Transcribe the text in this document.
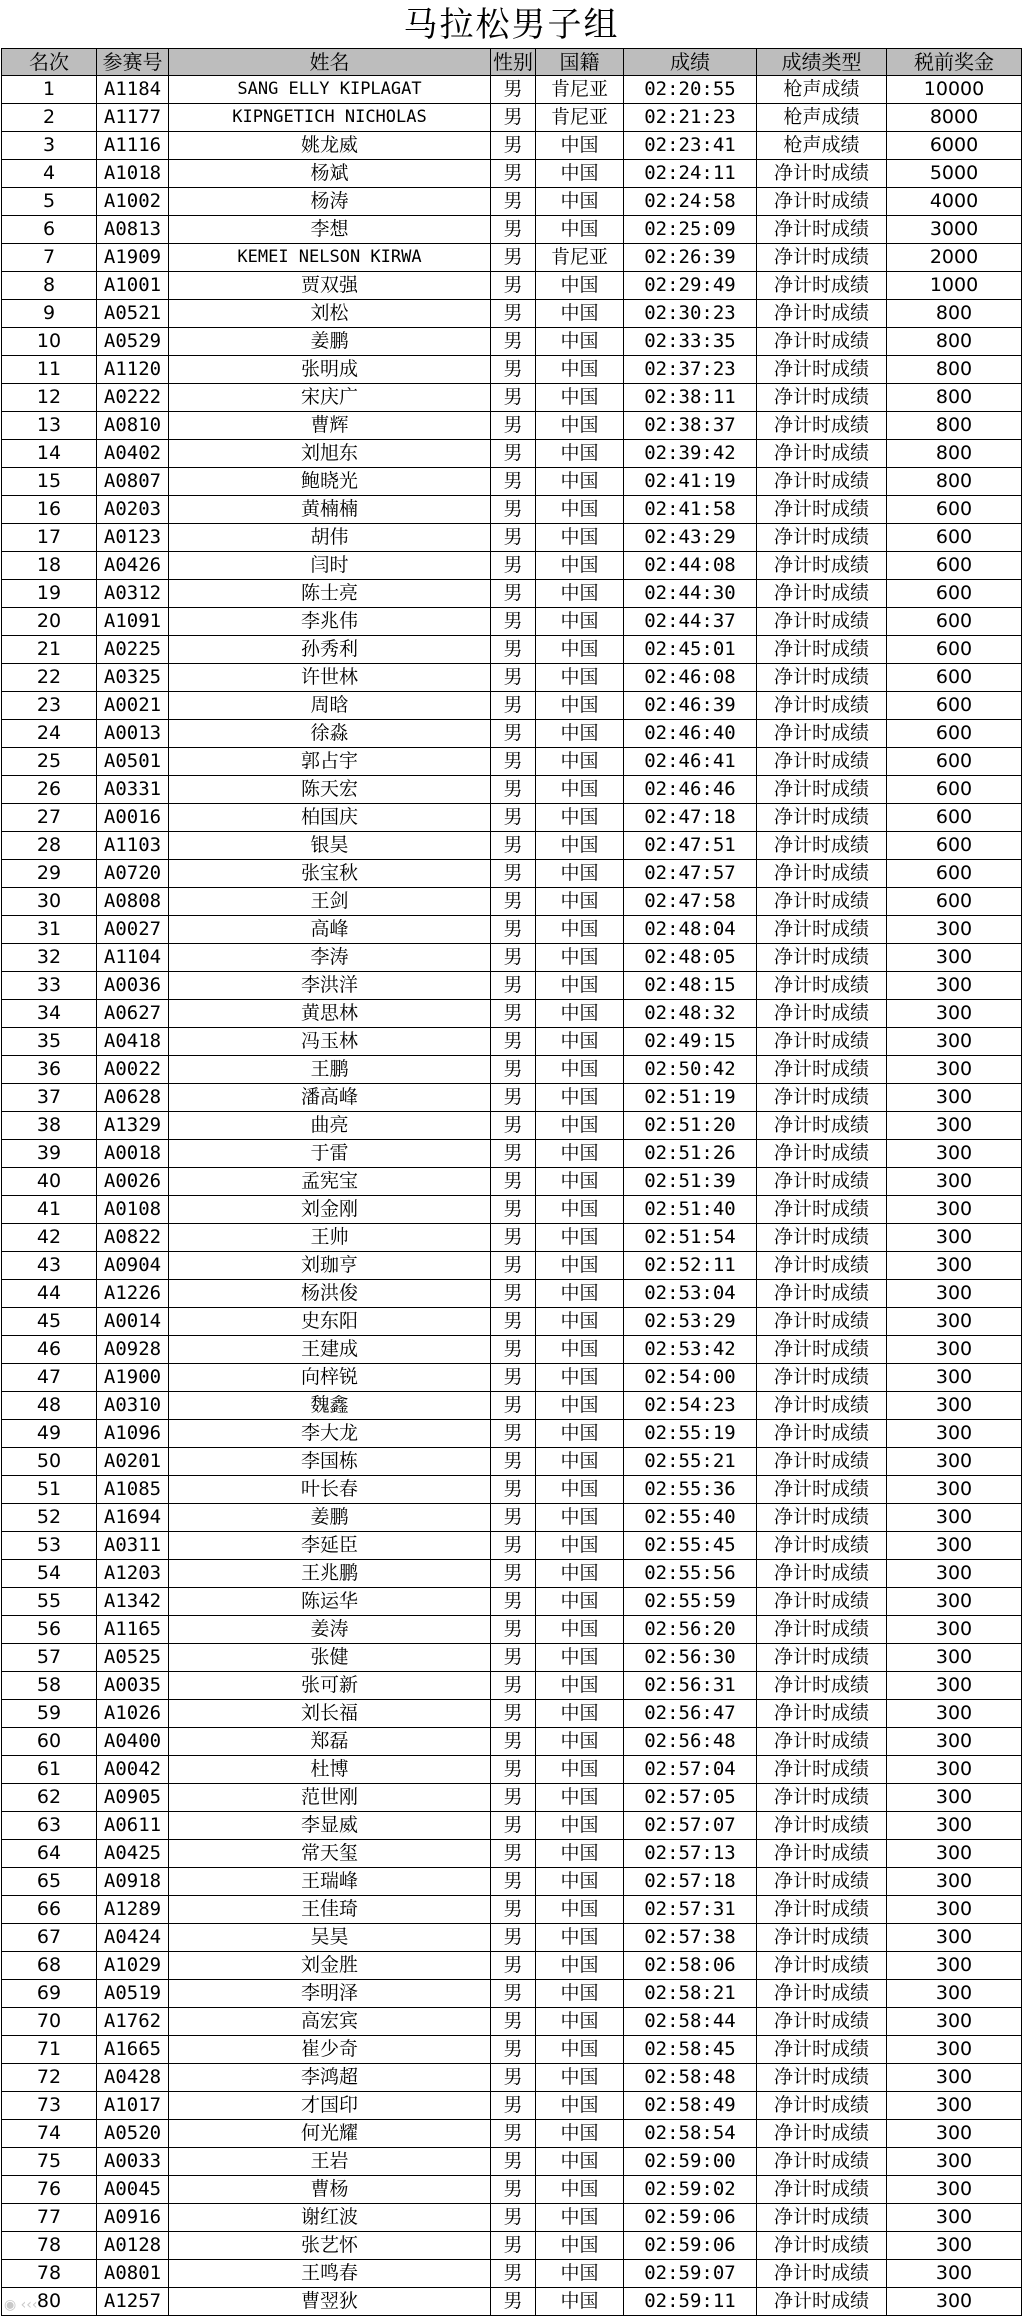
马拉松男子组
名次	参赛号	姓名	性别	国籍	成绩	成绩类型	税前奖金
1	A1184	SANG ELLY KIPLAGAT	男	肯尼亚	02:20:55	枪声成绩	10000
2	A1177	KIPNGETICH NICHOLAS	男	肯尼亚	02:21:23	枪声成绩	8000
3	A1116	姚龙威	男	中国	02:23:41	枪声成绩	6000
4	A1018	杨斌	男	中国	02:24:11	净计时成绩	5000
5	A1002	杨涛	男	中国	02:24:58	净计时成绩	4000
6	A0813	李想	男	中国	02:25:09	净计时成绩	3000
7	A1909	KEMEI NELSON KIRWA	男	肯尼亚	02:26:39	净计时成绩	2000
8	A1001	贾双强	男	中国	02:29:49	净计时成绩	1000
9	A0521	刘松	男	中国	02:30:23	净计时成绩	800
10	A0529	姜鹏	男	中国	02:33:35	净计时成绩	800
11	A1120	张明成	男	中国	02:37:23	净计时成绩	800
12	A0222	宋庆广	男	中国	02:38:11	净计时成绩	800
13	A0810	曹辉	男	中国	02:38:37	净计时成绩	800
14	A0402	刘旭东	男	中国	02:39:42	净计时成绩	800
15	A0807	鲍晓光	男	中国	02:41:19	净计时成绩	800
16	A0203	黄楠楠	男	中国	02:41:58	净计时成绩	600
17	A0123	胡伟	男	中国	02:43:29	净计时成绩	600
18	A0426	闫时	男	中国	02:44:08	净计时成绩	600
19	A0312	陈士亮	男	中国	02:44:30	净计时成绩	600
20	A1091	李兆伟	男	中国	02:44:37	净计时成绩	600
21	A0225	孙秀利	男	中国	02:45:01	净计时成绩	600
22	A0325	许世林	男	中国	02:46:08	净计时成绩	600
23	A0021	周晗	男	中国	02:46:39	净计时成绩	600
24	A0013	徐淼	男	中国	02:46:40	净计时成绩	600
25	A0501	郭占宇	男	中国	02:46:41	净计时成绩	600
26	A0331	陈天宏	男	中国	02:46:46	净计时成绩	600
27	A0016	柏国庆	男	中国	02:47:18	净计时成绩	600
28	A1103	银昊	男	中国	02:47:51	净计时成绩	600
29	A0720	张宝秋	男	中国	02:47:57	净计时成绩	600
30	A0808	王剑	男	中国	02:47:58	净计时成绩	600
31	A0027	高峰	男	中国	02:48:04	净计时成绩	300
32	A1104	李涛	男	中国	02:48:05	净计时成绩	300
33	A0036	李洪洋	男	中国	02:48:15	净计时成绩	300
34	A0627	黄思林	男	中国	02:48:32	净计时成绩	300
35	A0418	冯玉林	男	中国	02:49:15	净计时成绩	300
36	A0022	王鹏	男	中国	02:50:42	净计时成绩	300
37	A0628	潘高峰	男	中国	02:51:19	净计时成绩	300
38	A1329	曲亮	男	中国	02:51:20	净计时成绩	300
39	A0018	于雷	男	中国	02:51:26	净计时成绩	300
40	A0026	孟宪宝	男	中国	02:51:39	净计时成绩	300
41	A0108	刘金刚	男	中国	02:51:40	净计时成绩	300
42	A0822	王帅	男	中国	02:51:54	净计时成绩	300
43	A0904	刘珈亨	男	中国	02:52:11	净计时成绩	300
44	A1226	杨洪俊	男	中国	02:53:04	净计时成绩	300
45	A0014	史东阳	男	中国	02:53:29	净计时成绩	300
46	A0928	王建成	男	中国	02:53:42	净计时成绩	300
47	A1900	向梓锐	男	中国	02:54:00	净计时成绩	300
48	A0310	魏鑫	男	中国	02:54:23	净计时成绩	300
49	A1096	李大龙	男	中国	02:55:19	净计时成绩	300
50	A0201	李国栋	男	中国	02:55:21	净计时成绩	300
51	A1085	叶长春	男	中国	02:55:36	净计时成绩	300
52	A1694	姜鹏	男	中国	02:55:40	净计时成绩	300
53	A0311	李延臣	男	中国	02:55:45	净计时成绩	300
54	A1203	王兆鹏	男	中国	02:55:56	净计时成绩	300
55	A1342	陈运华	男	中国	02:55:59	净计时成绩	300
56	A1165	姜涛	男	中国	02:56:20	净计时成绩	300
57	A0525	张健	男	中国	02:56:30	净计时成绩	300
58	A0035	张可新	男	中国	02:56:31	净计时成绩	300
59	A1026	刘长福	男	中国	02:56:47	净计时成绩	300
60	A0400	郑磊	男	中国	02:56:48	净计时成绩	300
61	A0042	杜博	男	中国	02:57:04	净计时成绩	300
62	A0905	范世刚	男	中国	02:57:05	净计时成绩	300
63	A0611	李显威	男	中国	02:57:07	净计时成绩	300
64	A0425	常天玺	男	中国	02:57:13	净计时成绩	300
65	A0918	王瑞峰	男	中国	02:57:18	净计时成绩	300
66	A1289	王佳琦	男	中国	02:57:31	净计时成绩	300
67	A0424	吴昊	男	中国	02:57:38	净计时成绩	300
68	A1029	刘金胜	男	中国	02:58:06	净计时成绩	300
69	A0519	李明泽	男	中国	02:58:21	净计时成绩	300
70	A1762	高宏宾	男	中国	02:58:44	净计时成绩	300
71	A1665	崔少奇	男	中国	02:58:45	净计时成绩	300
72	A0428	李鸿超	男	中国	02:58:48	净计时成绩	300
73	A1017	才国印	男	中国	02:58:49	净计时成绩	300
74	A0520	何光耀	男	中国	02:58:54	净计时成绩	300
75	A0033	王岩	男	中国	02:59:00	净计时成绩	300
76	A0045	曹杨	男	中国	02:59:02	净计时成绩	300
77	A0916	谢红波	男	中国	02:59:06	净计时成绩	300
78	A0128	张艺怀	男	中国	02:59:06	净计时成绩	300
78	A0801	王鸣春	男	中国	02:59:07	净计时成绩	300
80	A1257	曹翌狄	男	中国	02:59:11	净计时成绩	300
◉ ‹‹‹
